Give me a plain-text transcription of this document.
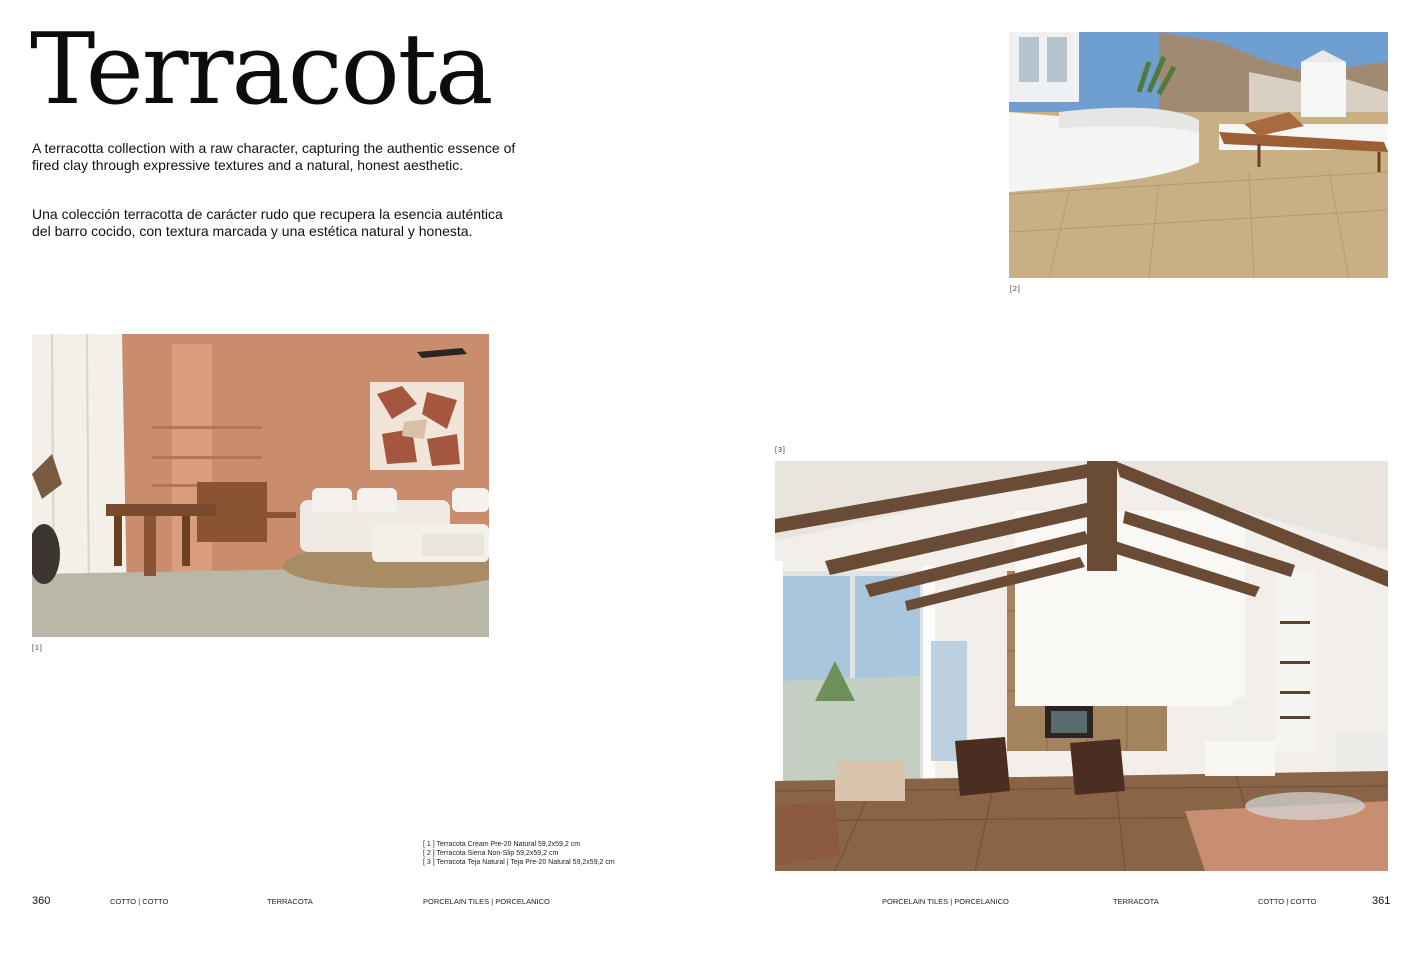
Terracota
A terracotta collection with a raw character, capturing the authentic essence of fired clay through expressive textures and a natural, honest aesthetic.
Una colección terracotta de carácter rudo que recupera la esencia auténtica del barro cocido, con textura marcada y una estética natural y honesta.
[2]
[1]
[3]
[ 1 ] Terracota Cream Pre-20 Natural 59,2x59,2 cm
[ 2 ] Terracota Siena Non-Slip 59,2x59,2 cm
[ 3 ] Terracota Teja Natural | Teja Pre-20 Natural 59,2x59,2 cm
360	COTTO | COTTO	TERRACOTA	PORCELAIN TILES | PORCELANICO	PORCELAIN TILES | PORCELANICO	TERRACOTA	COTTO | COTTO	361
